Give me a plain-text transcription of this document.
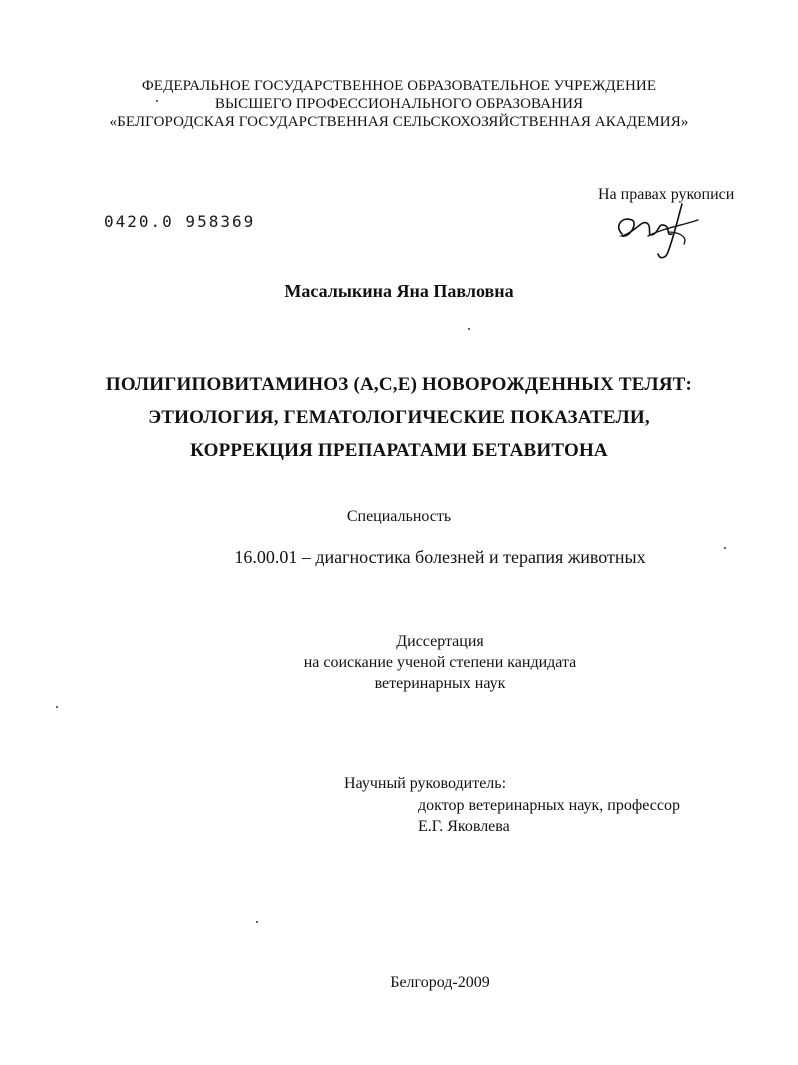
ФЕДЕРАЛЬНОЕ ГОСУДАРСТВЕННОЕ ОБРАЗОВАТЕЛЬНОЕ УЧРЕЖДЕНИЕ
ВЫСШЕГО ПРОФЕССИОНАЛЬНОГО ОБРАЗОВАНИЯ
«БЕЛГОРОДСКАЯ ГОСУДАРСТВЕННАЯ СЕЛЬСКОХОЗЯЙСТВЕННАЯ АКАДЕМИЯ»
0420.0 958369
На правах рукописи
Масалыкина Яна Павловна
ПОЛИГИПОВИТАМИНОЗ (А,С,Е) НОВОРОЖДЕННЫХ ТЕЛЯТ:
ЭТИОЛОГИЯ, ГЕМАТОЛОГИЧЕСКИЕ ПОКАЗАТЕЛИ,
КОРРЕКЦИЯ ПРЕПАРАТАМИ БЕТАВИТОНА
Специальность
16.00.01 – диагностика болезней и терапия животных
Диссертация
на соискание ученой степени кандидата
ветеринарных наук
Научный руководитель:
доктор ветеринарных наук, профессор
Е.Г. Яковлева
Белгород-2009
